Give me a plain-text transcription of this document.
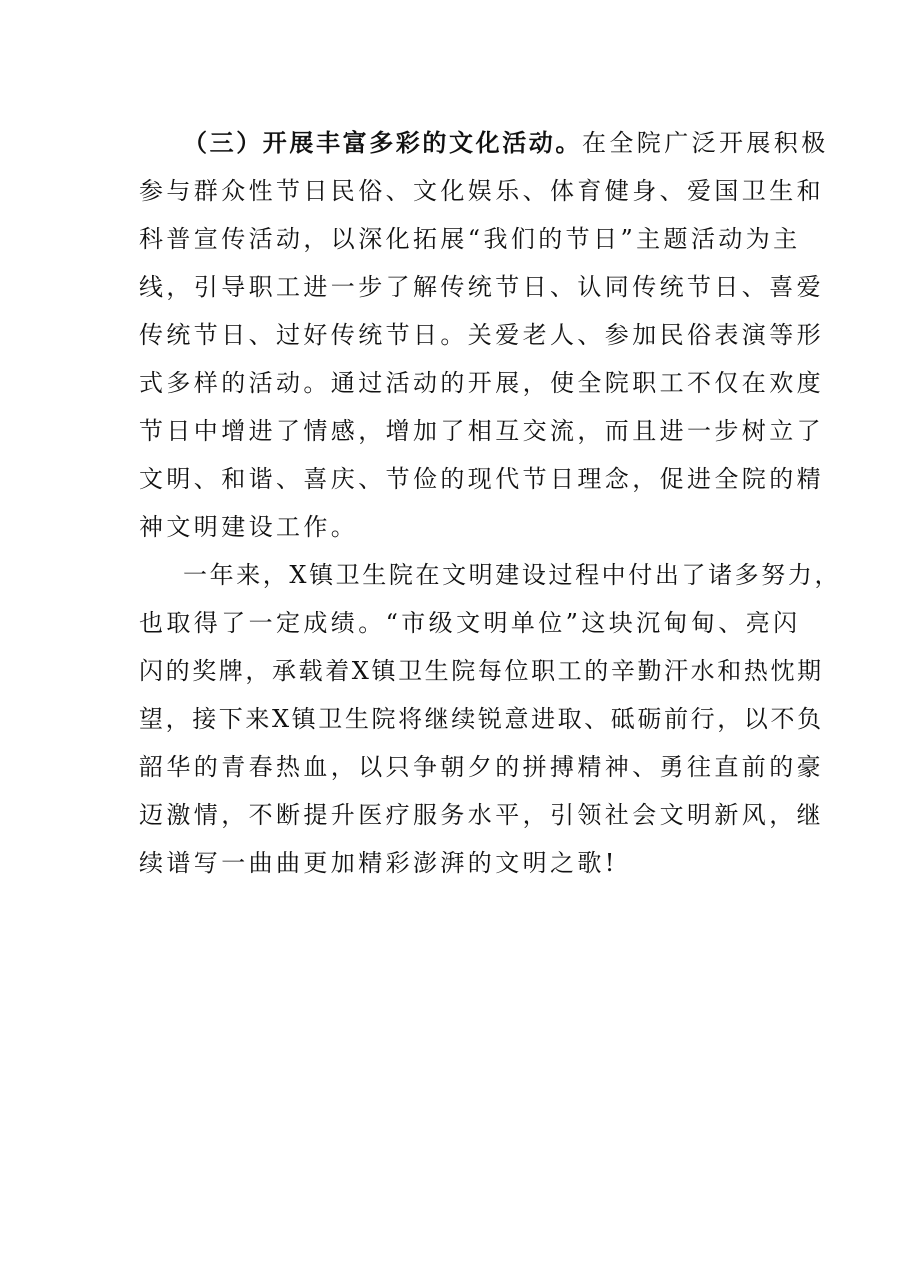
（三）开展丰富多彩的文化活动。在全院广泛开展积极
参与群众性节日民俗、文化娱乐、体育健身、爱国卫生和
科普宣传活动，以深化拓展“我们的节日”主题活动为主
线，引导职工进一步了解传统节日、认同传统节日、喜爱
传统节日、过好传统节日。关爱老人、参加民俗表演等形
式多样的活动。通过活动的开展，使全院职工不仅在欢度
节日中增进了情感，增加了相互交流，而且进一步树立了
文明、和谐、喜庆、节俭的现代节日理念，促进全院的精
神文明建设工作。
一年来，X镇卫生院在文明建设过程中付出了诸多努力，
也取得了一定成绩。“市级文明单位”这块沉甸甸、亮闪
闪的奖牌，承载着X镇卫生院每位职工的辛勤汗水和热忱期
望，接下来X镇卫生院将继续锐意进取、砥砺前行，以不负
韶华的青春热血，以只争朝夕的拼搏精神、勇往直前的豪
迈激情，不断提升医疗服务水平，引领社会文明新风，继
续谱写一曲曲更加精彩澎湃的文明之歌!
